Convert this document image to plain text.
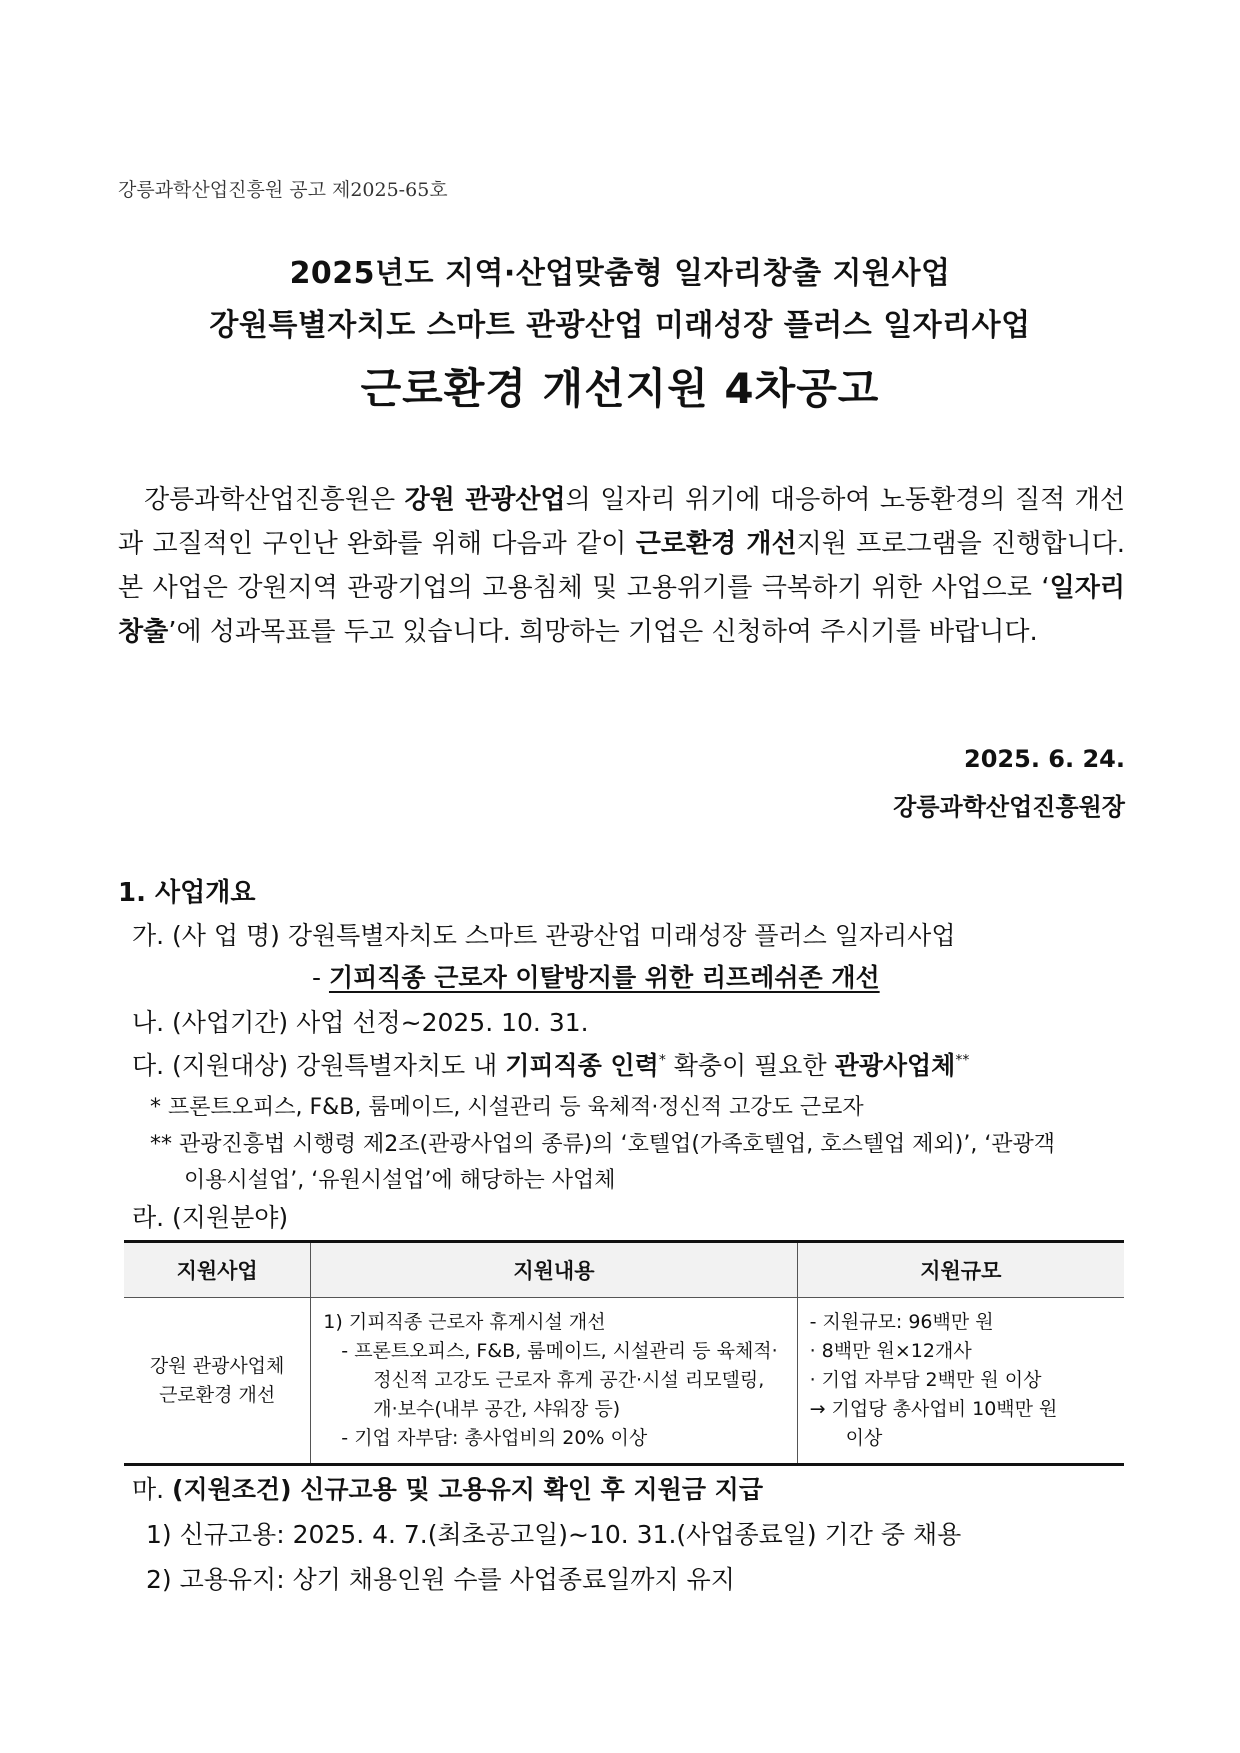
강릉과학산업진흥원 공고 제2025-65호
2025년도 지역·산업맞춤형 일자리창출 지원사업
강원특별자치도 스마트 관광산업 미래성장 플러스 일자리사업
근로환경 개선지원 4차공고
강릉과학산업진흥원은 강원 관광산업의 일자리 위기에 대응하여 노동환경의 질적 개선과 고질적인 구인난 완화를 위해 다음과 같이 근로환경 개선지원 프로그램을 진행합니다. 본 사업은 강원지역 관광기업의 고용침체 및 고용위기를 극복하기 위한 사업으로 ‘일자리 창출’에 성과목표를 두고 있습니다. 희망하는 기업은 신청하여 주시기를 바랍니다.
2025. 6. 24.
강릉과학산업진흥원장
1. 사업개요
가. (사 업 명) 강원특별자치도 스마트 관광산업 미래성장 플러스 일자리사업
- 기피직종 근로자 이탈방지를 위한 리프레쉬존 개선
나. (사업기간) 사업 선정~2025. 10. 31.
다. (지원대상) 강원특별자치도 내 기피직종 인력* 확충이 필요한 관광사업체**
* 프론트오피스, F&B, 룸메이드, 시설관리 등 육체적·정신적 고강도 근로자
** 관광진흥법 시행령 제2조(관광사업의 종류)의 ‘호텔업(가족호텔업, 호스텔업 제외)’, ‘관광객
이용시설업’, ‘유원시설업’에 해당하는 사업체
라. (지원분야)
지원사업	지원내용	지원규모

강원 관광사업체
근로환경 개선	1) 기피직종 근로자 휴게시설 개선
- 프론트오피스, F&B, 룸메이드, 시설관리 등 육체적·
정신적 고강도 근로자 휴게 공간·시설 리모델링,
개·보수(내부 공간, 샤워장 등)
- 기업 자부담: 총사업비의 20% 이상	- 지원규모: 96백만 원
· 8백만 원×12개사
· 기업 자부담 2백만 원 이상
→ 기업당 총사업비 10백만 원
이상
마. (지원조건) 신규고용 및 고용유지 확인 후 지원금 지급
1) 신규고용: 2025. 4. 7.(최초공고일)~10. 31.(사업종료일) 기간 중 채용
2) 고용유지: 상기 채용인원 수를 사업종료일까지 유지
